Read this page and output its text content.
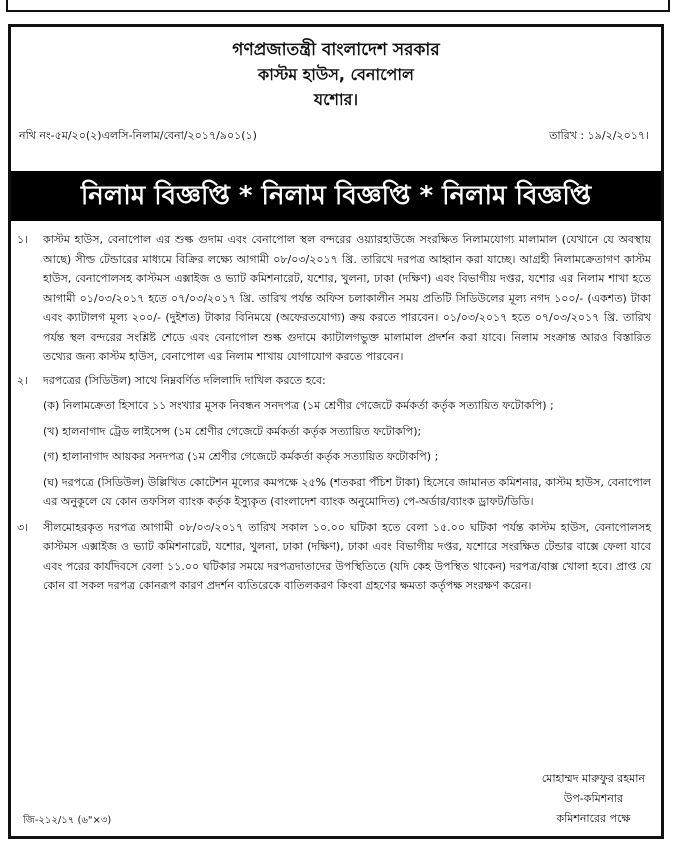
গণপ্রজাতন্ত্রী বাংলাদেশ সরকার
কাস্টম হাউস, বেনাপোল
যশোর।
নথি নং-৫ম/২০(২)এলসি-নিলাম/বেনা/২০১৭/৯০১(১)	তারিখ : ১৯/২/২০১৭।
নিলাম বিজ্ঞপ্তি * নিলাম বিজ্ঞপ্তি * নিলাম বিজ্ঞপ্তি
১।	কাস্টম হাউস, বেনাপোল এর শুল্ক গুদাম এবং বেনাপোল স্থল বন্দরের ওয়্যারহাউজে সংরক্ষিত নিলামযোগ্য মালামাল (যেখানে যে অবস্থায় আছে) সীল্ড টেন্ডারের মাধ্যমে বিক্রির লক্ষ্যে আগামী ০৮/০৩/২০১৭ খ্রি. তারিখে দরপত্র আহ্বান করা যাচ্ছে। আগ্রহী নিলামক্রেতাগণ কাস্টম হাউস, বেনাপোলসহ কাস্টমস এক্সাইজ ও ভ্যাট কমিশনারেট, যশোর, খুলনা, ঢাকা (দক্ষিণ) এবং বিভাগীয় দপ্তর, যশোর এর নিলাম শাখা হতে আগামী ০১/০৩/২০১৭ হতে ০৭/০৩/২০১৭ খ্রি. তারিখ পর্যন্ত অফিস চলাকালীন সময় প্রতিটি সিডিউলের মূল্য নগদ ১০০/- (একশত) টাকা এবং ক্যাটালগ মূল্য ২০০/- (দুইশত) টাকার বিনিময়ে (অফেরতযোগ্য) ক্রয় করতে পারবেন। ০১/০৩/২০১৭ হতে ০৭/০৩/২০১৭ খ্রি. তারিখ পর্যন্ত স্থল বন্দরের সংশ্লিষ্ট শেডে এবং বেনাপোল শুল্ক গুদামে ক্যাটালগভুক্ত মালামাল প্রদর্শন করা যাবে। নিলাম সংক্রান্ত আরও বিস্তারিত তথ্যের জন্য কাস্টম হাউস, বেনাপোল এর নিলাম শাখায় যোগাযোগ করতে পারবেন।
২।	দরপত্রের (সিডিউল) সাথে নিম্নবর্ণিত দলিলাদি দাখিল করতে হবে:
(ক) নিলামক্রেতা হিসাবে ১১ সংখ্যার মূসক নিবন্ধন সনদপত্র (১ম শ্রেণীর গেজেটে কর্মকর্তা কর্তৃক সত্যায়িত ফটোকপি) ;
(খ) হালনাগাদ ট্রেড লাইসেন্স (১ম শ্রেণীর গেজেটে কর্মকর্তা কর্তৃক সত্যায়িত ফটোকপি);
(গ) হালানাগাদ আয়কর সনদপত্র (১ম শ্রেণীর গেজেটে কর্মকর্তা কর্তৃক সত্যায়িত ফটোকপি) ;
(ঘ) দরপত্রে (সিডিউল) উল্লিখিত কোটেশন মূল্যের কমপক্ষে ২৫% (শতকরা পঁচিশ টাকা) হিসেবে জামানত কমিশনার, কাস্টম হাউস, বেনাপোল এর অনুকূলে যে কোন তফসিল ব্যাংক কর্তৃক ইস্যুকৃত (বাংলাদেশ ব্যাংক অনুমোদিত) পে-অর্ডার/ব্যাংক ড্রাফট/ডিডি।
৩।	সীলমোহরকৃত দরপত্র আগামী ০৮/০৩/২০১৭ তারিখ সকাল ১০.০০ ঘটিকা হতে বেলা ১৫.০০ ঘটিকা পর্যন্ত কাস্টম হাউস, বেনাপোলসহ কাস্টমস এক্সাইজ ও ভ্যাট কমিশনারেট, যশোর, খুলনা, ঢাকা (দক্ষিণ), ঢাকা এবং বিভাগীয় দপ্তর, যশোরে সংরক্ষিত টেন্ডার বাক্সে ফেলা যাবে এবং পরের কার্যদিবসে বেলা ১১.০০ ঘটিকার সময়ে দরপত্রদাতাদের উপস্থিতিতে (যদি কেহ উপস্থিত থাকেন) দরপত্র/বাক্স খোলা হবে। প্রাপ্ত যে কোন বা সকল দরপত্র কোনরূপ কারণ প্রদর্শন ব্যতিরেকে বাতিলকরণ কিংবা গ্রহণের ক্ষমতা কর্তৃপক্ষ সংরক্ষণ করেন।
মোহাম্মদ মারুফুর রহমান
উপ-কমিশনার
কমিশনারের পক্ষে
জি-২১২/১৭ (৬"×৩)
